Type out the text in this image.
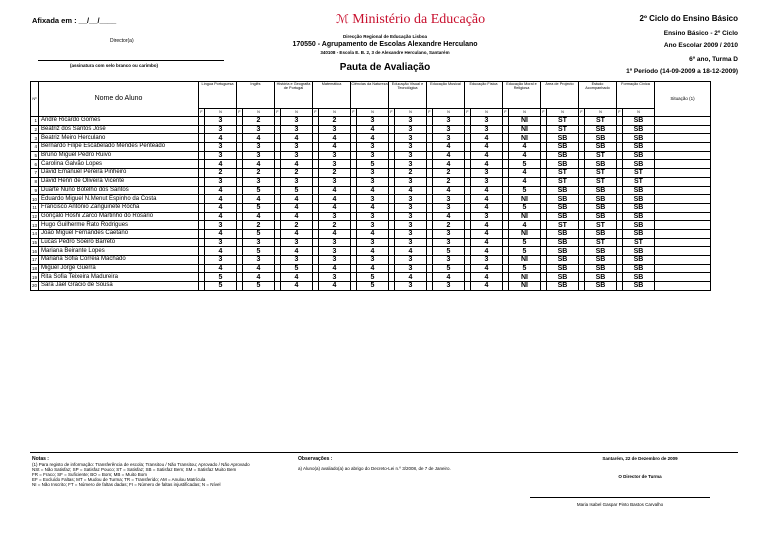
Afixada em : __/__/____
Director(a)
(assinatura com selo branco ou carimbo)
ℳ Ministério da Educação
Direcção Regional de Educação Lisboa
170550 - Agrupamento de Escolas Alexandre Herculano
340108 - Escola E. B. 2, 3 de Alexandre Herculano, Santarém
Pauta de Avaliação
2º Ciclo do Ensino Básico
Ensino Básico - 2º Ciclo
Ano Escolar 2009 / 2010
6º ano, Turma D
1º Período (14-09-2009 a 18-12-2009)
Nº	Nome do Aluno	Língua Portuguesa		Inglês		História e Geografia de Portugal		Matemática		Ciências da Natureza		Educação Visual e Tecnológica		Educação Musical		Educação Física		Educação Moral e Religiosa		Área de Projecto		Estudo Acompanhado		Formação Cívica		Situação (1)
		F	N	F	N	F	N	F	N	F	N	F	N	F	N	F	N	F	N	F	N	F	N	F	N	
1	André Ricardo Gomes		3		2		3		2		3		3		3		3		NI		ST		ST		SB	
2	Beatriz dos Santos José		3		3		3		3		4		3		3		3		NI		ST		SB		SB	
3	Beatriz Meiro Herculano		4		4		4		4		4		3		3		4		NI		SB		SB		SB	
4	Bernardo Filipe Escabelado Mendes Penteado		3		3		3		4		3		3		4		4		4		SB		SB		SB	
5	Bruno Miguel Pedro Ruivo		3		3		3		3		3		3		4		4		4		SB		ST		SB	
6	Carolina Galvão Lopes		4		4		4		3		5		3		4		4		5		SB		SB		SB	
7	David Emanuel Pereira Pinheiro		2		2		2		2		3		2		2		3		4		ST		ST		ST	
8	David Henri de Oliveira Vicente		3		3		3		3		3		3		2		3		4		ST		ST		ST	
9	Duarte Nuno Botelho dos Santos		4		5		5		4		4		4		4		4		5		SB		SB		SB	
10	Eduardo Miguel N.Menut Espinho da Costa		4		4		4		4		3		3		3		4		NI		SB		SB		SB	
11	Francisco António Zanguinete Rocha		4		5		4		4		4		3		3		4		5		SB		SB		SB	
12	Gonçalo Hoshi Zarco Martinho do Rosário		4		4		4		3		3		3		4		3		NI		SB		SB		SB	
13	Hugo Guilherme Rato Rodrigues		3		2		2		2		3		3		2		4		4		ST		ST		SB	
14	João Miguel Fernandes Caetano		4		5		4		4		4		3		3		4		NI		SB		SB		SB	
15	Lucas Pedro Soeiro Barreto		3		3		3		3		3		3		3		4		5		SB		ST		ST	
16	Mariana Beirante Lopes		4		5		4		3		4		4		5		4		5		SB		SB		SB	
17	Mariana Sofia Correia Machado		3		3		3		3		3		3		3		3		NI		SB		SB		SB	
18	Miguel Jorge Guerra		4		4		5		4		4		3		5		4		5		SB		SB		SB	
19	Rita Sofia Teixeira Madureira		5		4		4		3		5		4		4		4		NI		SB		SB		SB	
20	Sara Jael Grácio de Sousa		5		5		4		4		5		3		3		4		NI		SB		SB		SB	
Notas :
(1) Para registo de informação: Transferência de escola; Transitou / Não Transitou; Aprovado / Não Aprovado
NSt = Não Satisfaz; SP = Satisfaz Pouco; ST = Satisfaz; SB = Satisfaz Bem; SM = Satisfaz Muito Bem
FR = Fraco; SF = Suficiente; BO = Bom; MB = Muito Bom
EF = Excluído Faltas; MT = Mudou de Turma; TR = Transferido; AM = Anulou Matrícula
NI = Não Inscrito; FT = Número de faltas dadas; FI = Número de faltas injustificadas; N = Nível
Observações :
a) Aluno(a) avaliado(a) ao abrigo do Decreto-Lei n.º 3/2008, de 7 de Janeiro.
Santarém, 22 de Dezembro de 2009
O Director de Turma
Maria Isabel Gaspar Pinto Bastos Carvalho
